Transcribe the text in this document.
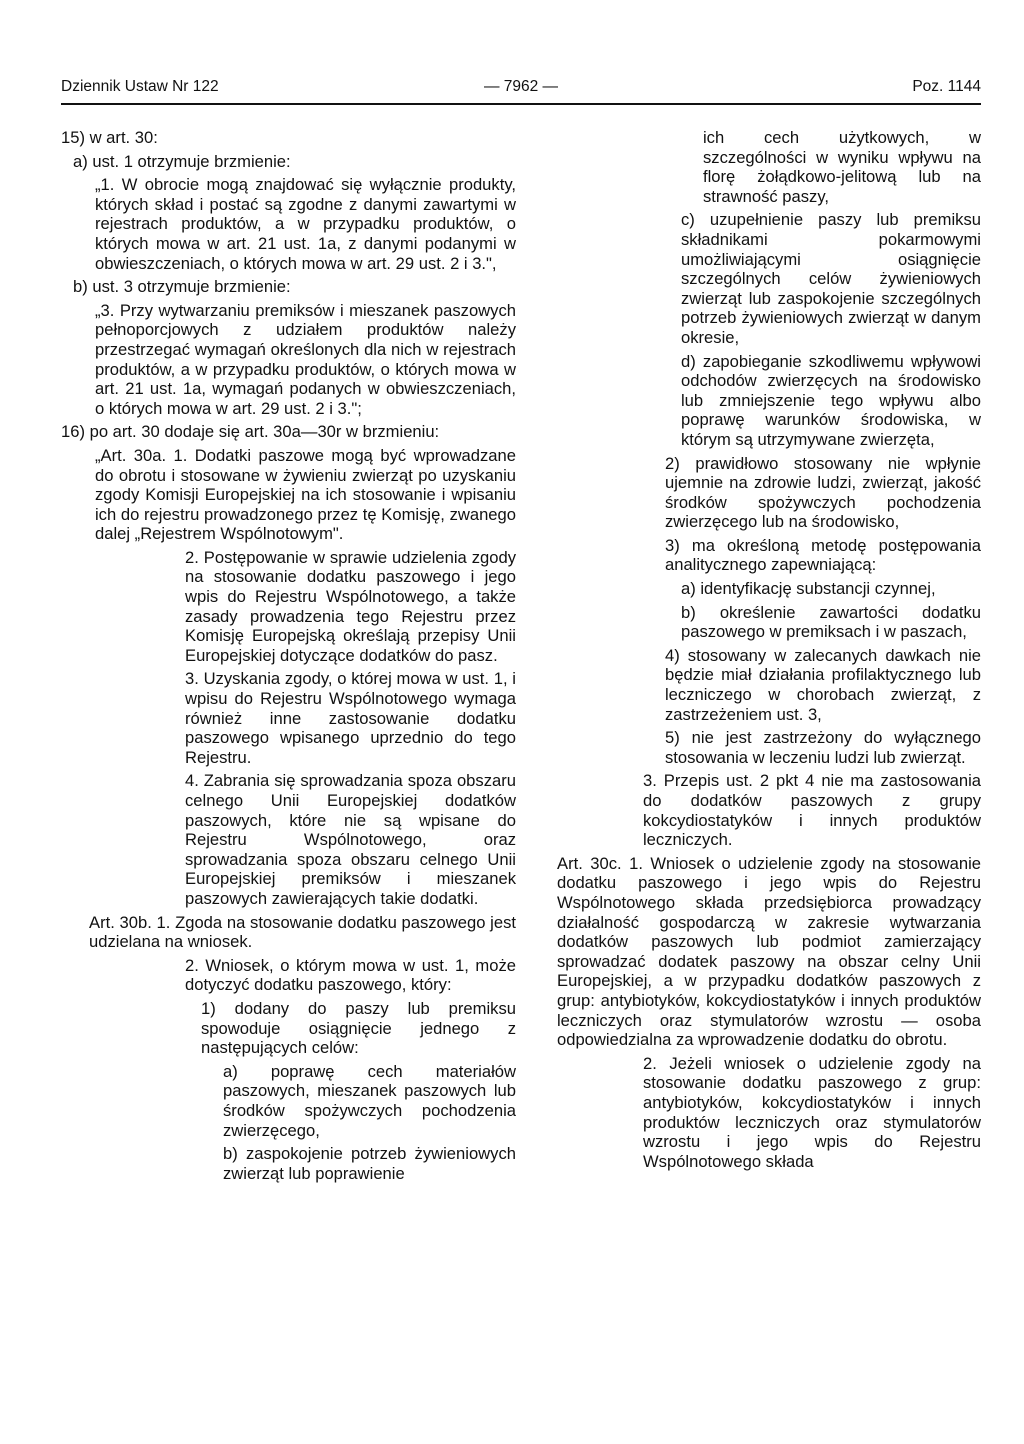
Dziennik Ustaw Nr 122	— 7962 —	Poz. 1144
15) w art. 30:
a) ust. 1 otrzymuje brzmienie:
„1. W obrocie mogą znajdować się wyłącznie produkty, których skład i postać są zgodne z danymi zawartymi w rejestrach produktów, a w przypadku produktów, o których mowa w art. 21 ust. 1a, z danymi podanymi w obwieszczeniach, o których mowa w art. 29 ust. 2 i 3.",
b) ust. 3 otrzymuje brzmienie:
„3. Przy wytwarzaniu premiksów i mieszanek paszowych pełnoporcjowych z udziałem produktów należy przestrzegać wymagań określonych dla nich w rejestrach produktów, a w przypadku produktów, o których mowa w art. 21 ust. 1a, wymagań podanych w obwieszczeniach, o których mowa w art. 29 ust. 2 i 3.";
16) po art. 30 dodaje się art. 30a—30r w brzmieniu:
„Art. 30a. 1. Dodatki paszowe mogą być wprowadzane do obrotu i stosowane w żywieniu zwierząt po uzyskaniu zgody Komisji Europejskiej na ich stosowanie i wpisaniu ich do rejestru prowadzonego przez tę Komisję, zwanego dalej „Rejestrem Wspólnotowym".
2. Postępowanie w sprawie udzielenia zgody na stosowanie dodatku paszowego i jego wpis do Rejestru Wspólnotowego, a także zasady prowadzenia tego Rejestru przez Komisję Europejską określają przepisy Unii Europejskiej dotyczące dodatków do pasz.
3. Uzyskania zgody, o której mowa w ust. 1, i wpisu do Rejestru Wspólnotowego wymaga również inne zastosowanie dodatku paszowego wpisanego uprzednio do tego Rejestru.
4. Zabrania się sprowadzania spoza obszaru celnego Unii Europejskiej dodatków paszowych, które nie są wpisane do Rejestru Wspólnotowego, oraz sprowadzania spoza obszaru celnego Unii Europejskiej premiksów i mieszanek paszowych zawierających takie dodatki.
Art. 30b. 1. Zgoda na stosowanie dodatku paszowego jest udzielana na wniosek.
2. Wniosek, o którym mowa w ust. 1, może dotyczyć dodatku paszowego, który:
1) dodany do paszy lub premiksu spowoduje osiągnięcie jednego z następujących celów:
a) poprawę cech materiałów paszowych, mieszanek paszowych lub środków spożywczych pochodzenia zwierzęcego,
b) zaspokojenie potrzeb żywieniowych zwierząt lub poprawienie
ich cech użytkowych, w szczególności w wyniku wpływu na florę żołądkowo-jelitową lub na strawność paszy,
c) uzupełnienie paszy lub premiksu składnikami pokarmowymi umożliwiającymi osiągnięcie szczególnych celów żywieniowych zwierząt lub zaspokojenie szczególnych potrzeb żywieniowych zwierząt w danym okresie,
d) zapobieganie szkodliwemu wpływowi odchodów zwierzęcych na środowisko lub zmniejszenie tego wpływu albo poprawę warunków środowiska, w którym są utrzymywane zwierzęta,
2) prawidłowo stosowany nie wpłynie ujemnie na zdrowie ludzi, zwierząt, jakość środków spożywczych pochodzenia zwierzęcego lub na środowisko,
3) ma określoną metodę postępowania analitycznego zapewniającą:
a) identyfikację substancji czynnej,
b) określenie zawartości dodatku paszowego w premiksach i w paszach,
4) stosowany w zalecanych dawkach nie będzie miał działania profilaktycznego lub leczniczego w chorobach zwierząt, z zastrzeżeniem ust. 3,
5) nie jest zastrzeżony do wyłącznego stosowania w leczeniu ludzi lub zwierząt.
3. Przepis ust. 2 pkt 4 nie ma zastosowania do dodatków paszowych z grupy kokcydiostatyków i innych produktów leczniczych.
Art. 30c. 1. Wniosek o udzielenie zgody na stosowanie dodatku paszowego i jego wpis do Rejestru Wspólnotowego składa przedsiębiorca prowadzący działalność gospodarczą w zakresie wytwarzania dodatków paszowych lub podmiot zamierzający sprowadzać dodatek paszowy na obszar celny Unii Europejskiej, a w przypadku dodatków paszowych z grup: antybiotyków, kokcydiostatyków i innych produktów leczniczych oraz stymulatorów wzrostu — osoba odpowiedzialna za wprowadzenie dodatku do obrotu.
2. Jeżeli wniosek o udzielenie zgody na stosowanie dodatku paszowego z grup: antybiotyków, kokcydiostatyków i innych produktów leczniczych oraz stymulatorów wzrostu i jego wpis do Rejestru Wspólnotowego składa
